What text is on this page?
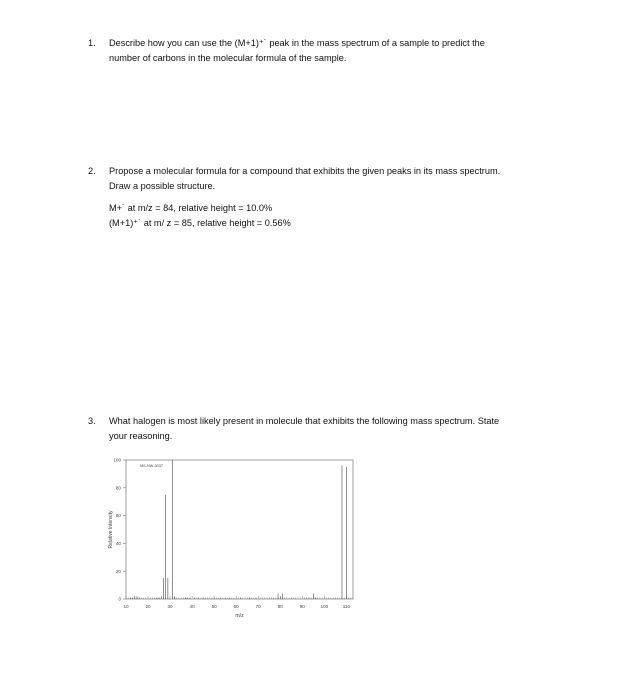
1.	Describe how you can use the (M+1)⁺˙ peak in the mass spectrum of a sample to predict the

number of carbons in the molecular formula of the sample.

2.	Propose a molecular formula for a compound that exhibits the given peaks in its mass spectrum.

Draw a possible structure.

M+˙ at m/z = 84, relative height = 10.0%

(M+1)⁺˙ at m/ z = 85, relative height = 0.56%

3.	What halogen is most likely present in molecule that exhibits the following mass spectrum. State

your reasoning.

10	20	30	40	50	60	70	80	90	100	110
0
20
40
60
80
100
MS-NW-3037
m/z
Relative Intensity
